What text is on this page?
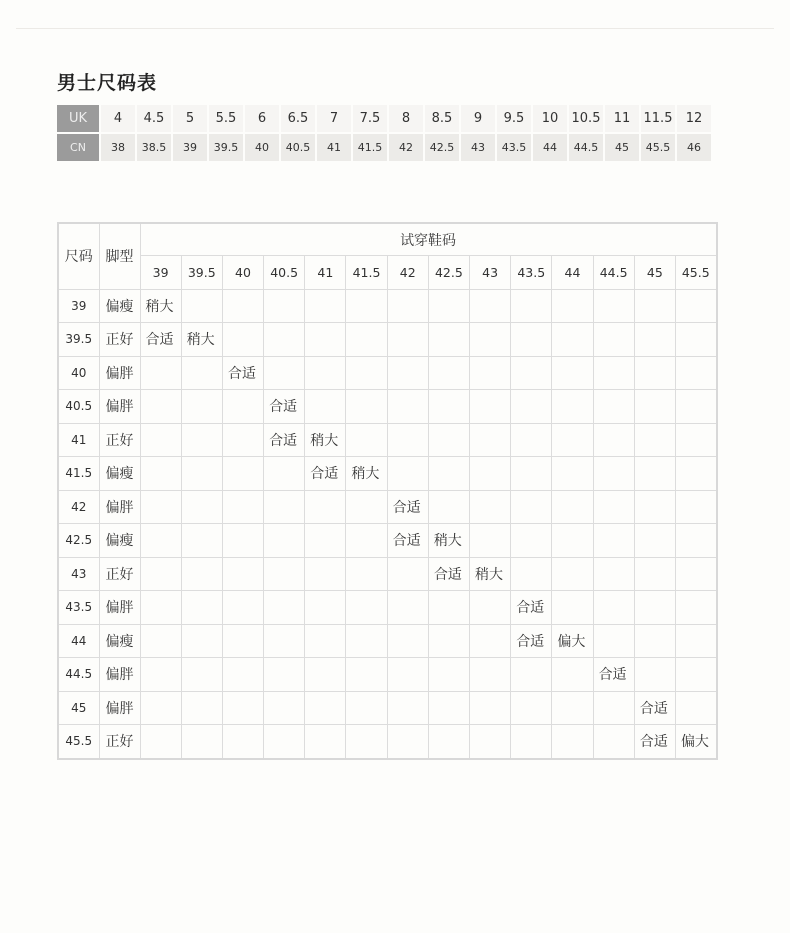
男士尺码表
UK	4	4.5	5	5.5	6	6.5	7	7.5	8	8.5	9	9.5	10	10.5	11	11.5	12
CN	38	38.5	39	39.5	40	40.5	41	41.5	42	42.5	43	43.5	44	44.5	45	45.5	46
尺码	脚型	试穿鞋码													
		39	39.5	40	40.5	41	41.5	42	42.5	43	43.5	44	44.5	45	45.5
39	偏瘦	稍大													
39.5	正好	合适	稍大												
40	偏胖			合适											
40.5	偏胖				合适										
41	正好				合适	稍大									
41.5	偏瘦					合适	稍大								
42	偏胖							合适							
42.5	偏瘦							合适	稍大						
43	正好								合适	稍大					
43.5	偏胖										合适				
44	偏瘦										合适	偏大			
44.5	偏胖												合适		
45	偏胖													合适	
45.5	正好													合适	偏大
